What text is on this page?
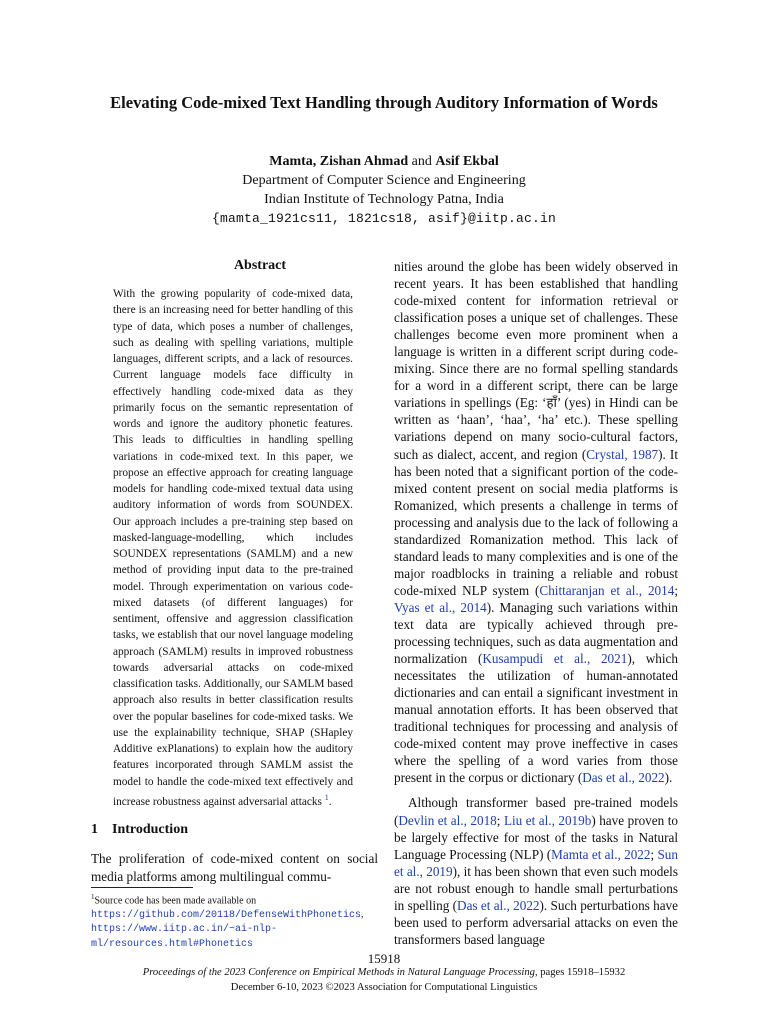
Elevating Code-mixed Text Handling through Auditory Information of Words
Mamta, Zishan Ahmad and Asif Ekbal
Department of Computer Science and Engineering
Indian Institute of Technology Patna, India
{mamta_1921cs11, 1821cs18, asif}@iitp.ac.in
Abstract
With the growing popularity of code-mixed data, there is an increasing need for better handling of this type of data, which poses a number of challenges, such as dealing with spelling variations, multiple languages, different scripts, and a lack of resources. Current language models face difficulty in effectively handling code-mixed data as they primarily focus on the semantic representation of words and ignore the auditory phonetic features. This leads to difficulties in handling spelling variations in code-mixed text. In this paper, we propose an effective approach for creating language models for handling code-mixed textual data using auditory information of words from SOUNDEX. Our approach includes a pre-training step based on masked-language-modelling, which includes SOUNDEX representations (SAMLM) and a new method of providing input data to the pre-trained model. Through experimentation on various code-mixed datasets (of different languages) for sentiment, offensive and aggression classification tasks, we establish that our novel language modeling approach (SAMLM) results in improved robustness towards adversarial attacks on code-mixed classification tasks. Additionally, our SAMLM based approach also results in better classification results over the popular baselines for code-mixed tasks. We use the explainability technique, SHAP (SHapley Additive exPlanations) to explain how the auditory features incorporated through SAMLM assist the model to handle the code-mixed text effectively and increase robustness against adversarial attacks $^1$.
1 Introduction
The proliferation of code-mixed content on social media platforms among multilingual commu-
$^1$Source code has been made available on https://github.com/20118/DefenseWithPhonetics, https://www.iitp.ac.in/~ai-nlp-ml/resources.html#Phonetics

nities around the globe has been widely observed in recent years. It has been established that handling code-mixed content for information retrieval or classification poses a unique set of challenges. These challenges become even more prominent when a language is written in a different script during code-mixing. Since there are no formal spelling standards for a word in a different script, there can be large variations in spellings (Eg: ‘हाँ’ (yes) in Hindi can be written as ‘haan’, ‘haa’, ‘ha’ etc.). These spelling variations depend on many socio-cultural factors, such as dialect, accent, and region (Crystal, 1987). It has been noted that a significant portion of the code-mixed content present on social media platforms is Romanized, which presents a challenge in terms of processing and analysis due to the lack of following a standardized Romanization method. This lack of standard leads to many complexities and is one of the major roadblocks in training a reliable and robust code-mixed NLP system (Chittaranjan et al., 2014; Vyas et al., 2014). Managing such variations within text data are typically achieved through pre-processing techniques, such as data augmentation and normalization (Kusampudi et al., 2021), which necessitates the utilization of human-annotated dictionaries and can entail a significant investment in manual annotation efforts. It has been observed that traditional techniques for processing and analysis of code-mixed content may prove ineffective in cases where the spelling of a word varies from those present in the corpus or dictionary (Das et al., 2022).

Although transformer based pre-trained models (Devlin et al., 2018; Liu et al., 2019b) have proven to be largely effective for most of the tasks in Natural Language Processing (NLP) (Mamta et al., 2022; Sun et al., 2019), it has been shown that even such models are not robust enough to handle small perturbations in spelling (Das et al., 2022). Such perturbations have been used to perform adversarial attacks on even the transformers based language

15918
Proceedings of the 2023 Conference on Empirical Methods in Natural Language Processing, pages 15918–15932
December 6-10, 2023 ©2023 Association for Computational Linguistics
